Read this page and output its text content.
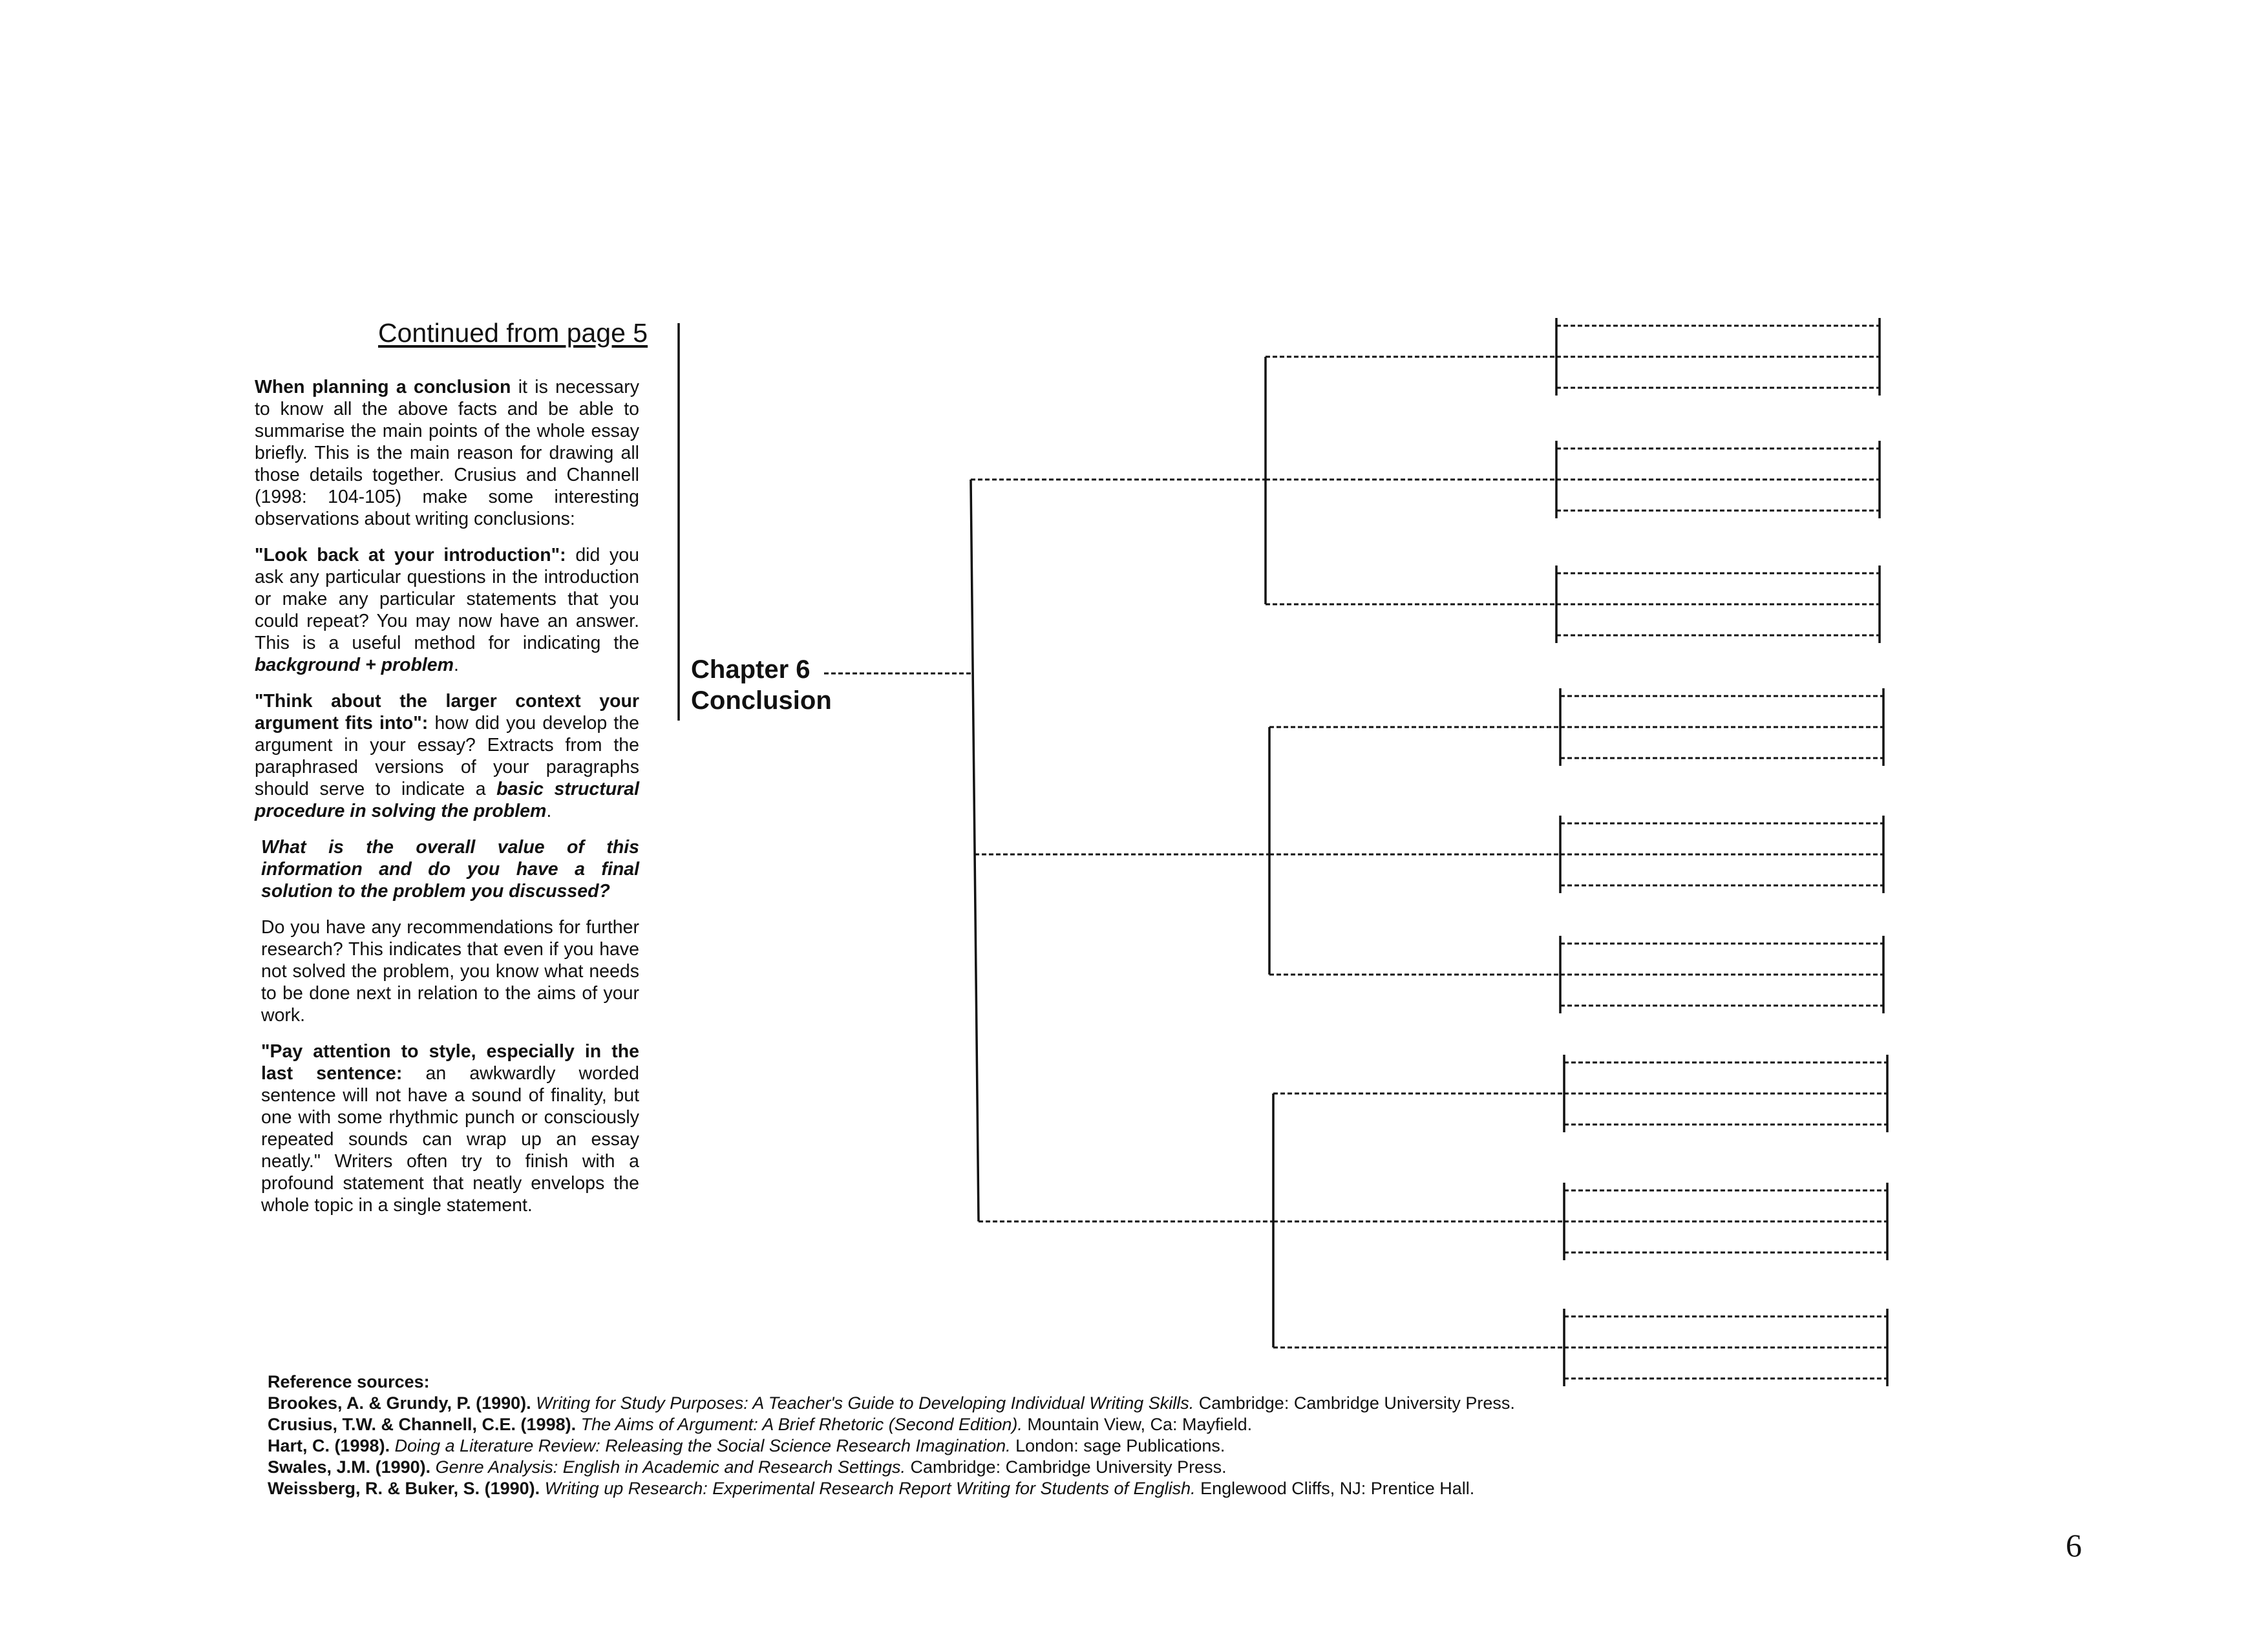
Continued from page 5

When planning a conclusion it is necessary to know all the above facts and be able to summarise the main points of the whole essay briefly. This is the main reason for drawing all those details together. Crusius and Channell (1998: 104-105) make some interesting observations about writing conclusions:

"Look back at your introduction": did you ask any particular questions in the introduction or make any particular statements that you could repeat? You may now have an answer. This is a useful method for indicating the background + problem.

"Think about the larger context your argument fits into": how did you develop the argument in your essay? Extracts from the paraphrased versions of your paragraphs should serve to indicate a basic structural procedure in solving the problem.

What is the overall value of this information and do you have a final solution to the problem you discussed?

Do you have any recommendations for further research? This indicates that even if you have not solved the problem, you know what needs to be done next in relation to the aims of your work.

"Pay attention to style, especially in the last sentence: an awkwardly worded sentence will not have a sound of finality, but one with some rhythmic punch or consciously repeated sounds can wrap up an essay neatly." Writers often try to finish with a profound statement that neatly envelops the whole topic in a single statement.

Chapter 6
Conclusion
Reference sources:
Brookes, A. & Grundy, P. (1990). Writing for Study Purposes: A Teacher's Guide to Developing Individual Writing Skills. Cambridge: Cambridge University Press.
Crusius, T.W. & Channell, C.E. (1998). The Aims of Argument: A Brief Rhetoric (Second Edition). Mountain View, Ca: Mayfield.
Hart, C. (1998). Doing a Literature Review: Releasing the Social Science Research Imagination. London: sage Publications.
Swales, J.M. (1990). Genre Analysis: English in Academic and Research Settings. Cambridge: Cambridge University Press.
Weissberg, R. & Buker, S. (1990). Writing up Research: Experimental Research Report Writing for Students of English. Englewood Cliffs, NJ: Prentice Hall.
6
